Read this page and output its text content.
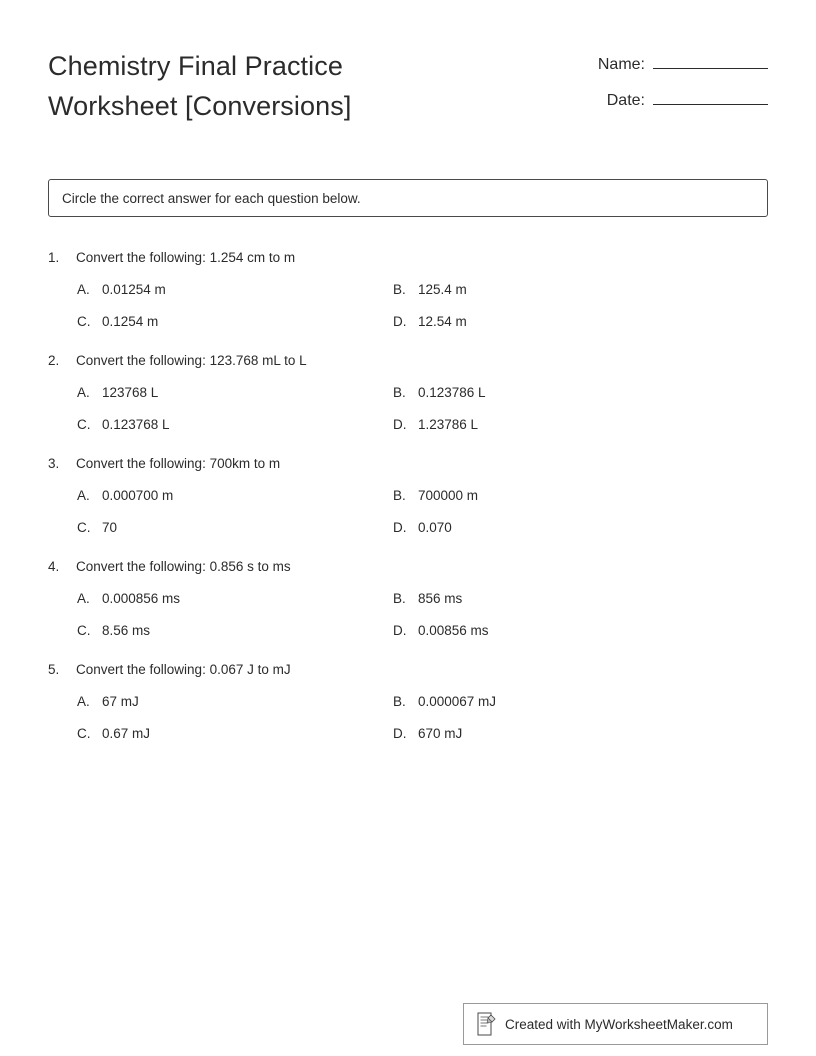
Chemistry Final Practice Worksheet [Conversions]
Name:
Date:
Circle the correct answer for each question below.
1.	Convert the following: 1.254 cm to m
A. 0.01254 m	B. 125.4 m
C. 0.1254 m	D. 12.54 m
2.	Convert the following: 123.768 mL to L
A. 123768 L	B. 0.123786 L
C. 0.123768 L	D. 1.23786 L
3.	Convert the following: 700km to m
A. 0.000700 m	B. 700000 m
C. 70	D. 0.070
4.	Convert the following: 0.856 s to ms
A. 0.000856 ms	B. 856 ms
C. 8.56 ms	D. 0.00856 ms
5.	Convert the following: 0.067 J to mJ
A. 67 mJ	B. 0.000067 mJ
C. 0.67 mJ	D. 670 mJ
Created with MyWorksheetMaker.com
